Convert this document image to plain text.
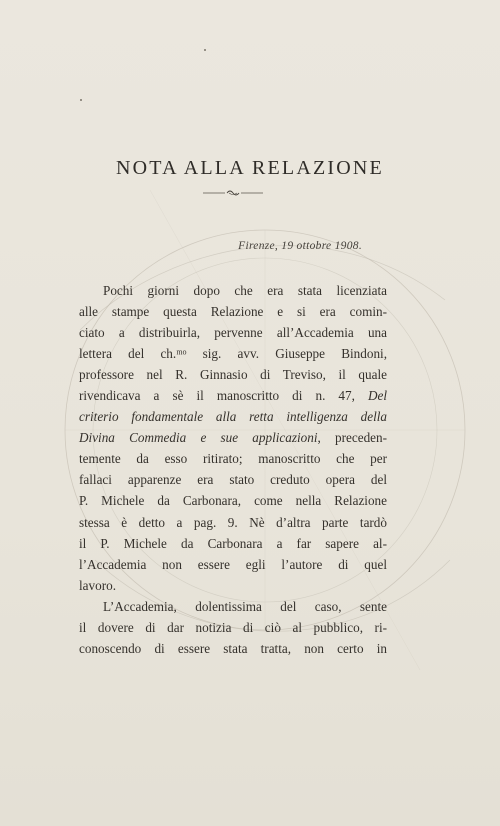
NOTA ALLA RELAZIONE
Firenze, 19 ottobre 1908.
Pochi giorni dopo che era stata licenziata
alle stampe questa Relazione e si era comin-
ciato a distribuirla, pervenne all’Accademia una
lettera del ch.ᵐᵒ sig. avv. Giuseppe Bindoni,
professore nel R. Ginnasio di Treviso, il quale
rivendicava a sè il manoscritto di n. 47, Del
criterio fondamentale alla retta intelligenza della
Divina Commedia e sue applicazioni, preceden-
temente da esso ritirato; manoscritto che per
fallaci apparenze era stato creduto opera del
P. Michele da Carbonara, come nella Relazione
stessa è detto a pag. 9. Nè d’altra parte tardò
il P. Michele da Carbonara a far sapere al-
l’Accademia non essere egli l’autore di quel
lavoro.
L’Accademia, dolentissima del caso, sente
il dovere di dar notizia di ciò al pubblico, ri-
conoscendo di essere stata tratta, non certo in
